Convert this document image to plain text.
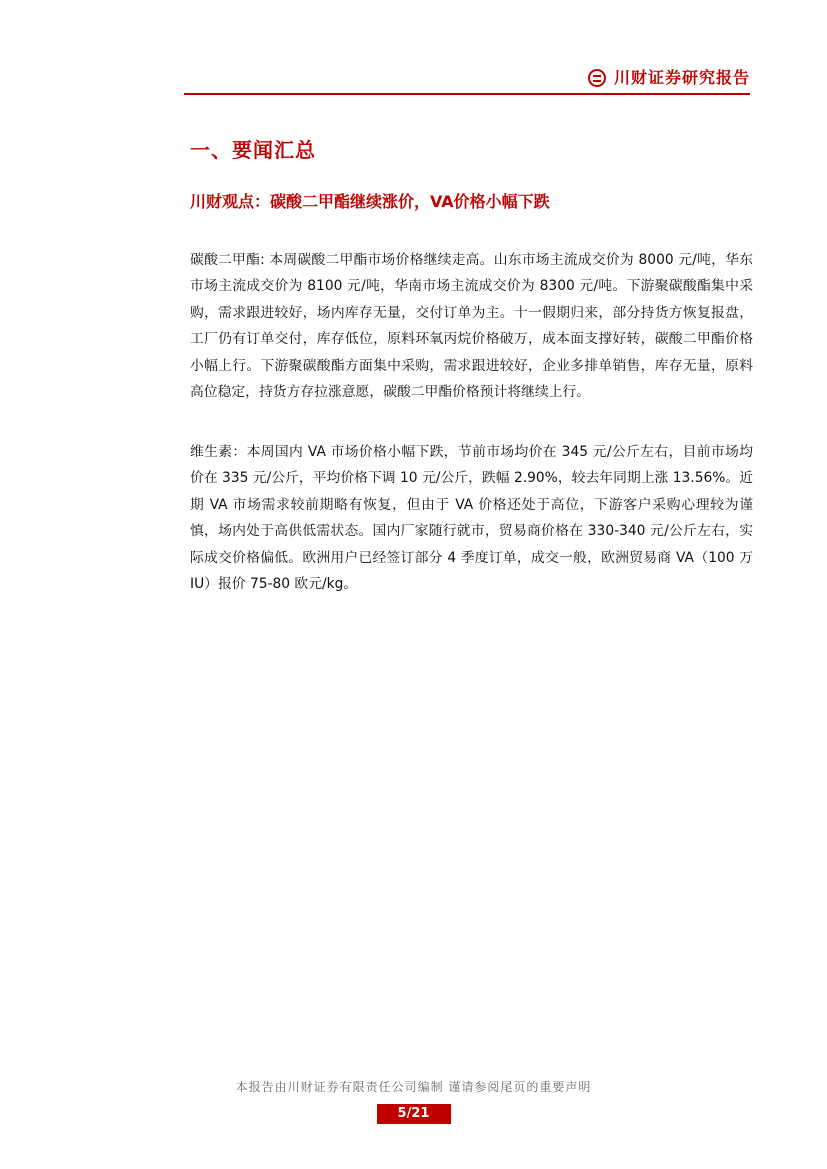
川财证券研究报告
一、要闻汇总
川财观点：碳酸二甲酯继续涨价，VA价格小幅下跌

碳酸二甲酯: 本周碳酸二甲酯市场价格继续走高。山东市场主流成交价为 8000 元/吨，华东市场主流成交价为 8100 元/吨，华南市场主流成交价为 8300 元/吨。下游聚碳酸酯集中采购，需求跟进较好，场内库存无量，交付订单为主。十一假期归来，部分持货方恢复报盘，工厂仍有订单交付，库存低位，原料环氧丙烷价格破万，成本面支撑好转，碳酸二甲酯价格小幅上行。下游聚碳酸酯方面集中采购，需求跟进较好，企业多排单销售，库存无量，原料高位稳定，持货方存拉涨意愿，碳酸二甲酯价格预计将继续上行。

维生素：本周国内 VA 市场价格小幅下跌，节前市场均价在 345 元/公斤左右，目前市场均价在 335 元/公斤，平均价格下调 10 元/公斤，跌幅 2.90%，较去年同期上涨 13.56%。近期 VA 市场需求较前期略有恢复，但由于 VA 价格还处于高位，下游客户采购心理较为谨慎，场内处于高供低需状态。国内厂家随行就市，贸易商价格在 330-340 元/公斤左右，实际成交价格偏低。欧洲用户已经签订部分 4 季度订单，成交一般，欧洲贸易商 VA（100 万 IU）报价 75-80 欧元/kg。

本报告由川财证券有限责任公司编制 谨请参阅尾页的重要声明
5/21
